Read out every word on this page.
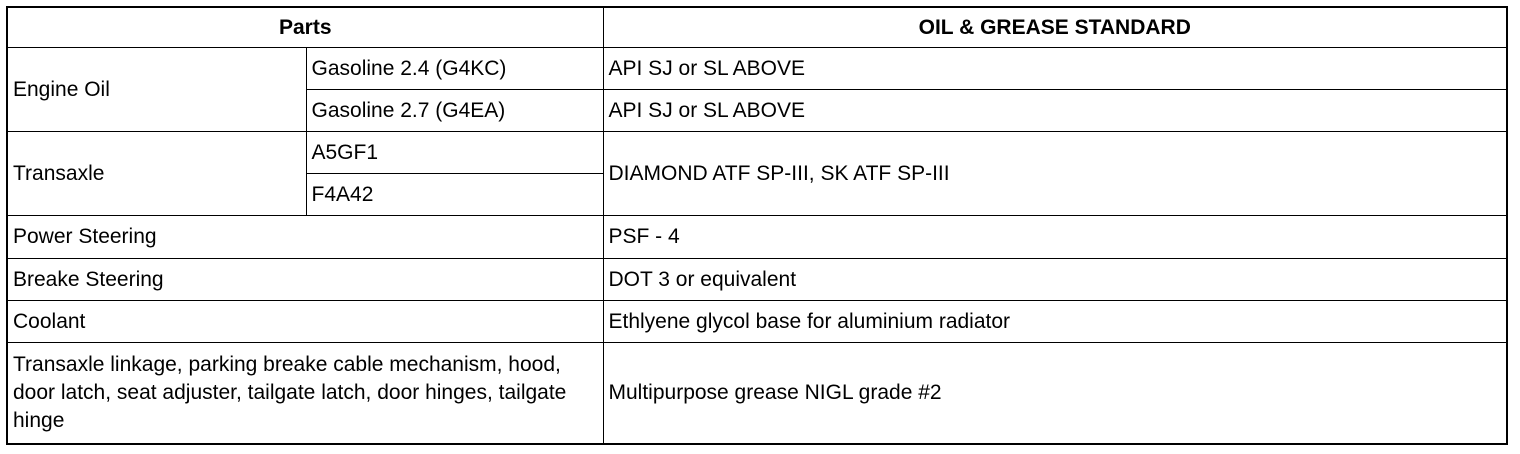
Parts		OIL & GREASE STANDARD
Engine Oil	Gasoline 2.4 (G4KC)	API SJ or SL ABOVE
	Gasoline 2.7 (G4EA)	API SJ or SL ABOVE
Transaxle	A5GF1	DIAMOND ATF SP-III, SK ATF SP-III
	F4A42	
Power Steering		PSF - 4
Breake Steering		DOT 3 or equivalent
Coolant		Ethlyene glycol base for aluminium radiator
Transaxle linkage, parking breake cable mechanism, hood, door latch, seat adjuster, tailgate latch, door hinges, tailgate hinge		Multipurpose grease NIGL grade #2
